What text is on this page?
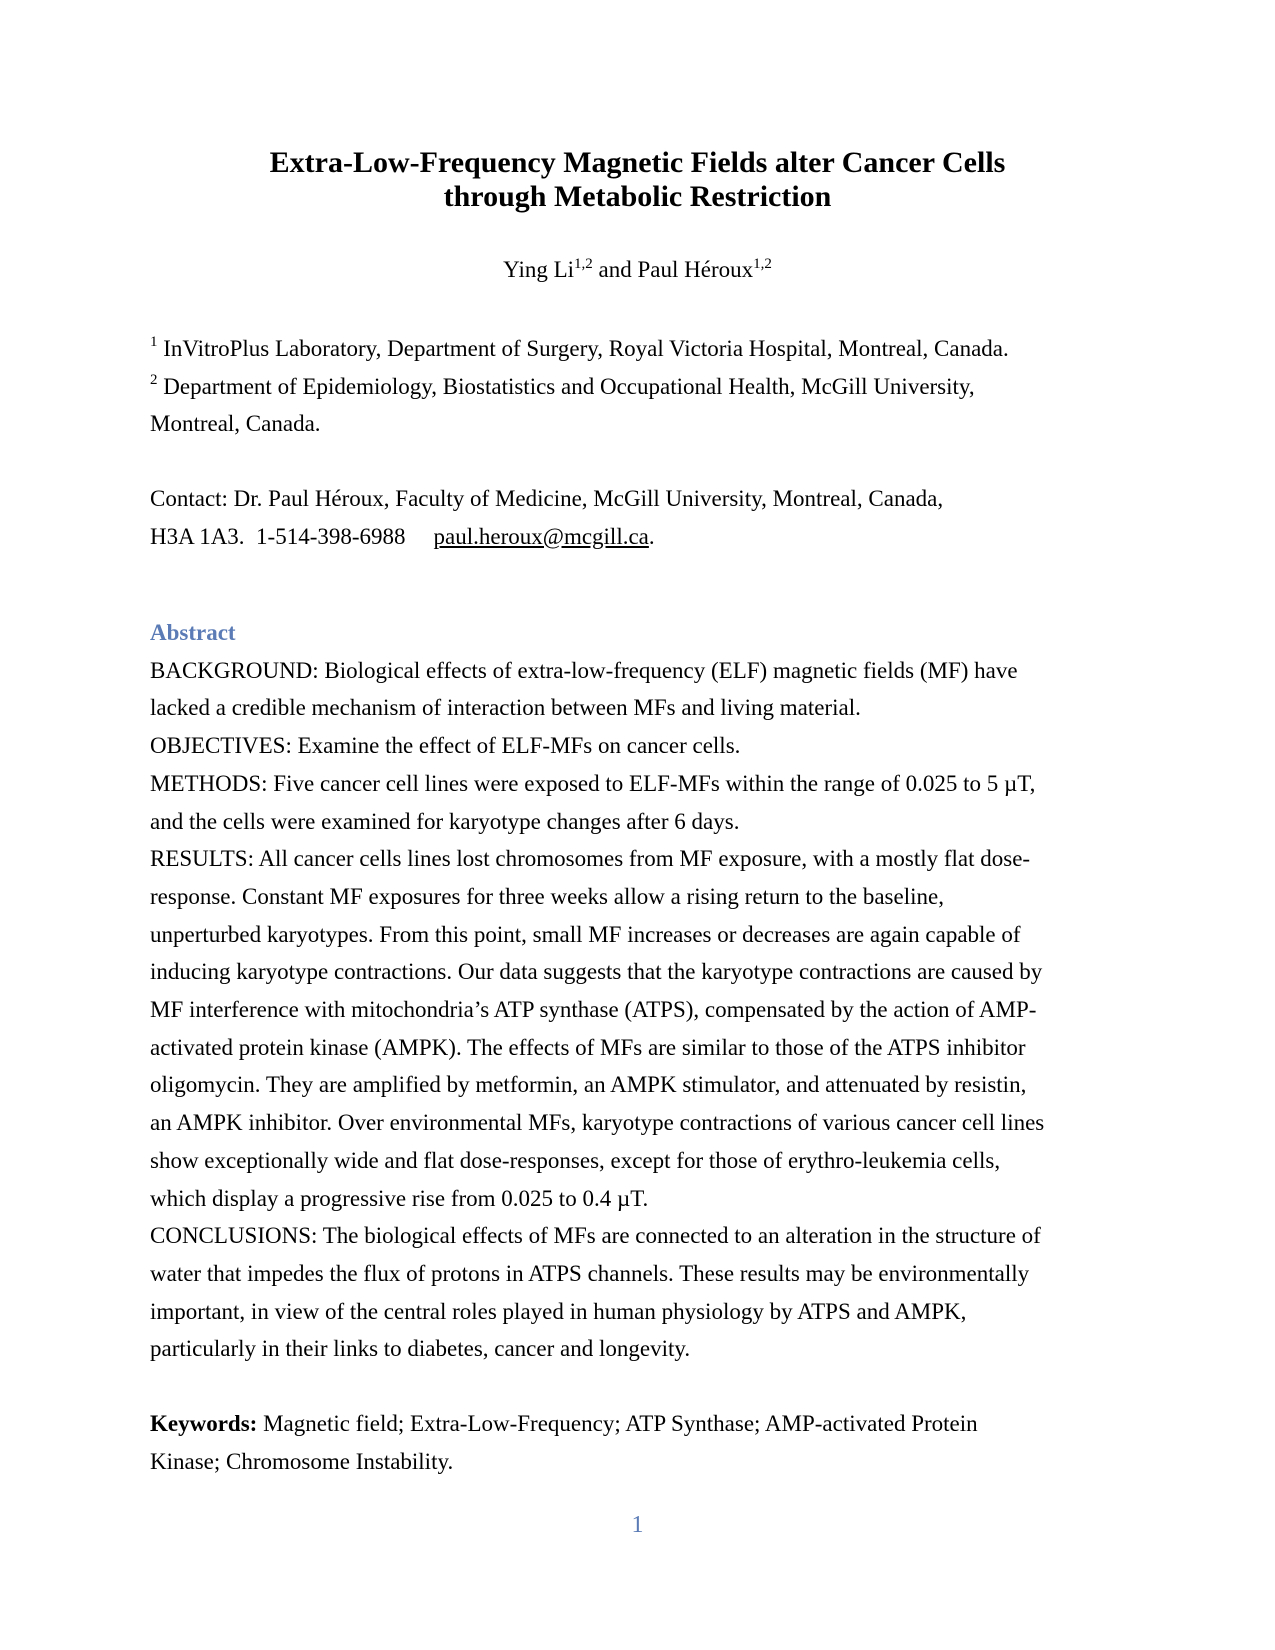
Extra-Low-Frequency Magnetic Fields alter Cancer Cells
through Metabolic Restriction
Ying Li$^{1,2}$ and Paul Héroux$^{1,2}$
$^1$ InVitroPlus Laboratory, Department of Surgery, Royal Victoria Hospital, Montreal, Canada.
$^2$ Department of Epidemiology, Biostatistics and Occupational Health, McGill University,
Montreal, Canada.
Contact: Dr. Paul Héroux, Faculty of Medicine, McGill University, Montreal, Canada,
H3A 1A3.  1-514-398-6988 paul.heroux@mcgill.ca.
Abstract
BACKGROUND: Biological effects of extra-low-frequency (ELF) magnetic fields (MF) have
lacked a credible mechanism of interaction between MFs and living material.
OBJECTIVES: Examine the effect of ELF-MFs on cancer cells.
METHODS: Five cancer cell lines were exposed to ELF-MFs within the range of 0.025 to 5 µT,
and the cells were examined for karyotype changes after 6 days.
RESULTS: All cancer cells lines lost chromosomes from MF exposure, with a mostly flat dose-
response. Constant MF exposures for three weeks allow a rising return to the baseline,
unperturbed karyotypes. From this point, small MF increases or decreases are again capable of
inducing karyotype contractions. Our data suggests that the karyotype contractions are caused by
MF interference with mitochondria’s ATP synthase (ATPS), compensated by the action of AMP-
activated protein kinase (AMPK). The effects of MFs are similar to those of the ATPS inhibitor
oligomycin. They are amplified by metformin, an AMPK stimulator, and attenuated by resistin,
an AMPK inhibitor. Over environmental MFs, karyotype contractions of various cancer cell lines
show exceptionally wide and flat dose-responses, except for those of erythro-leukemia cells,
which display a progressive rise from 0.025 to 0.4 µT.
CONCLUSIONS: The biological effects of MFs are connected to an alteration in the structure of
water that impedes the flux of protons in ATPS channels. These results may be environmentally
important, in view of the central roles played in human physiology by ATPS and AMPK,
particularly in their links to diabetes, cancer and longevity.
Keywords: Magnetic field; Extra-Low-Frequency; ATP Synthase; AMP-activated Protein
Kinase; Chromosome Instability.
1
